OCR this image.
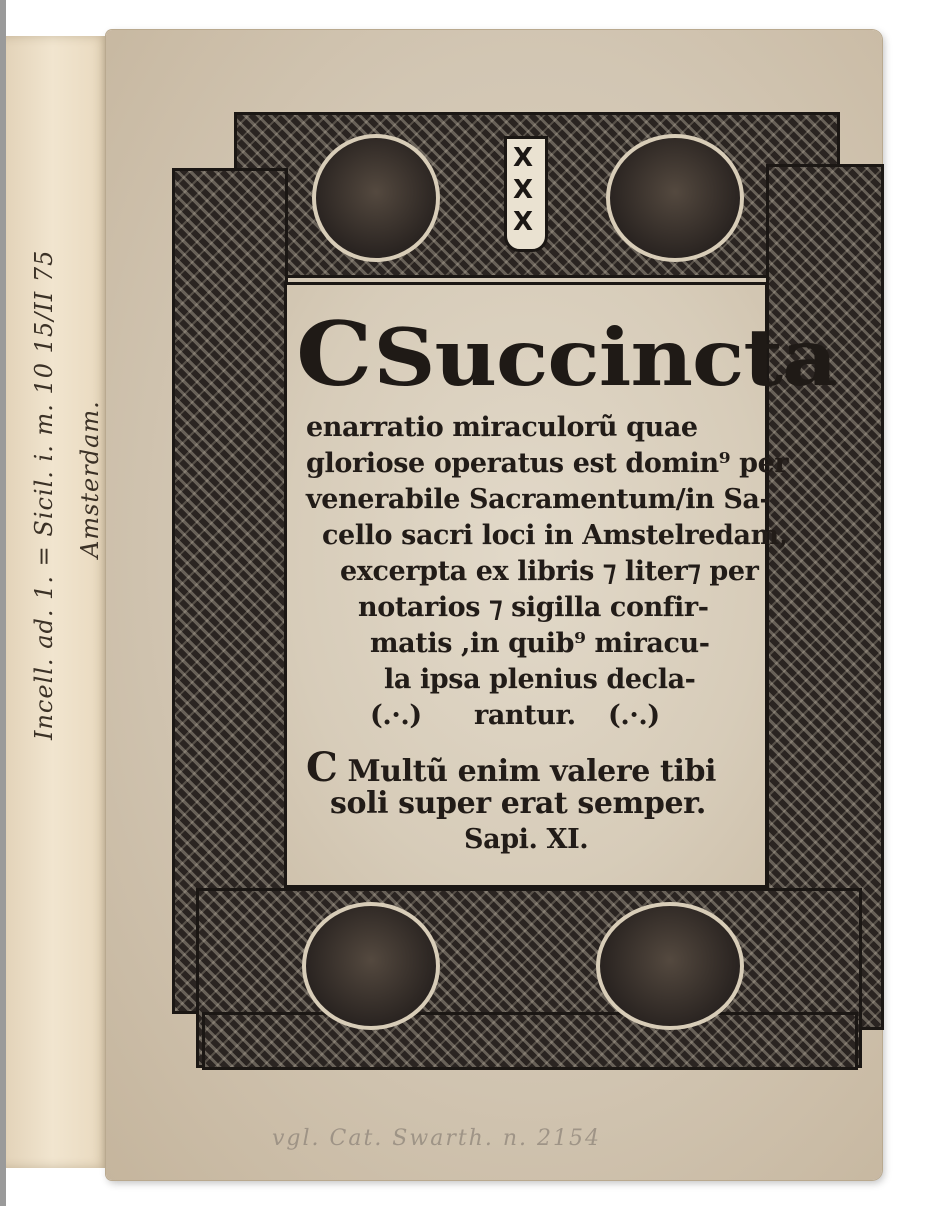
Incell. ad. 1. = Sicil. i. m. 10 15/II 75 Amsterdam.
X
X
X
CSuccincta
enarratio miraculorũ quae
gloriose operatus est domin⁹ per
venerabile Sacramentum/in Sa-
cello sacri loci in Amstelredam,
excerpta ex libris ⁊ liter⁊ per
notarios ⁊ sigilla confir-
matis ,in quib⁹ miracu-
la ipsa plenius decla-
(.·.) rantur. (.·.)
C Multũ enim valere tibi
soli super erat semper.
Sapi. XI.
vgl. Cat. Swarth. n. 2154
